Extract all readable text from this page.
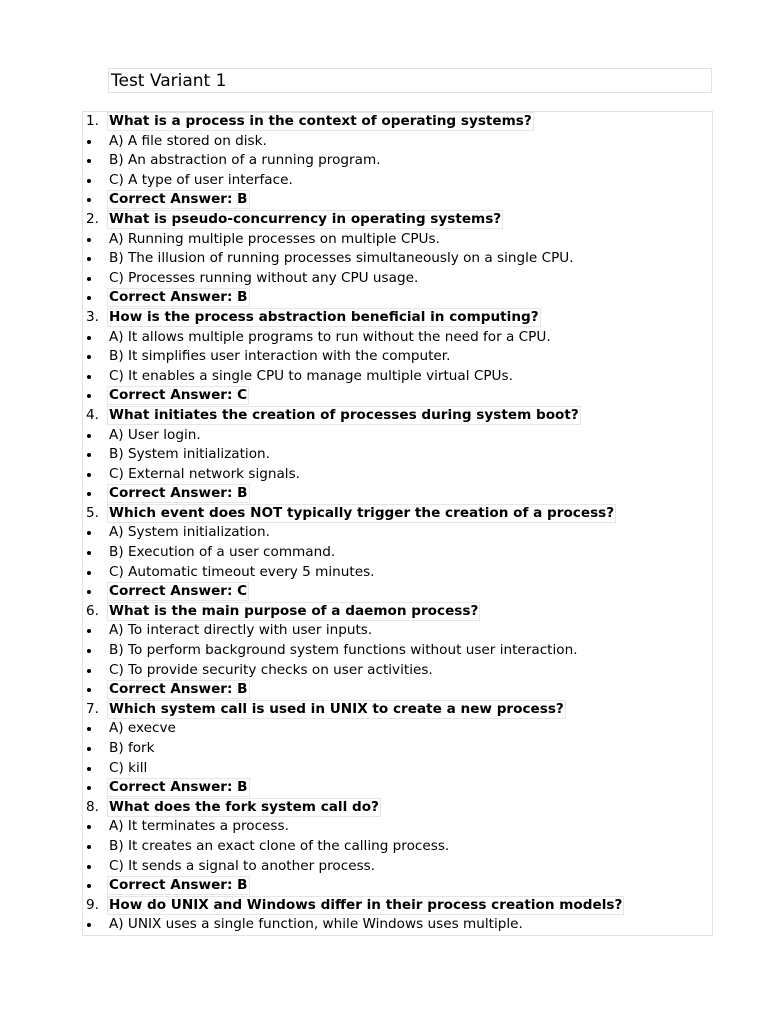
Test Variant 1
1. What is a process in the context of operating systems?
A) A file stored on disk.
B) An abstraction of a running program.
C) A type of user interface.
Correct Answer: B
2. What is pseudo-concurrency in operating systems?
A) Running multiple processes on multiple CPUs.
B) The illusion of running processes simultaneously on a single CPU.
C) Processes running without any CPU usage.
Correct Answer: B
3. How is the process abstraction beneficial in computing?
A) It allows multiple programs to run without the need for a CPU.
B) It simplifies user interaction with the computer.
C) It enables a single CPU to manage multiple virtual CPUs.
Correct Answer: C
4. What initiates the creation of processes during system boot?
A) User login.
B) System initialization.
C) External network signals.
Correct Answer: B
5. Which event does NOT typically trigger the creation of a process?
A) System initialization.
B) Execution of a user command.
C) Automatic timeout every 5 minutes.
Correct Answer: C
6. What is the main purpose of a daemon process?
A) To interact directly with user inputs.
B) To perform background system functions without user interaction.
C) To provide security checks on user activities.
Correct Answer: B
7. Which system call is used in UNIX to create a new process?
A) execve
B) fork
C) kill
Correct Answer: B
8. What does the fork system call do?
A) It terminates a process.
B) It creates an exact clone of the calling process.
C) It sends a signal to another process.
Correct Answer: B
9. How do UNIX and Windows differ in their process creation models?
A) UNIX uses a single function, while Windows uses multiple.
